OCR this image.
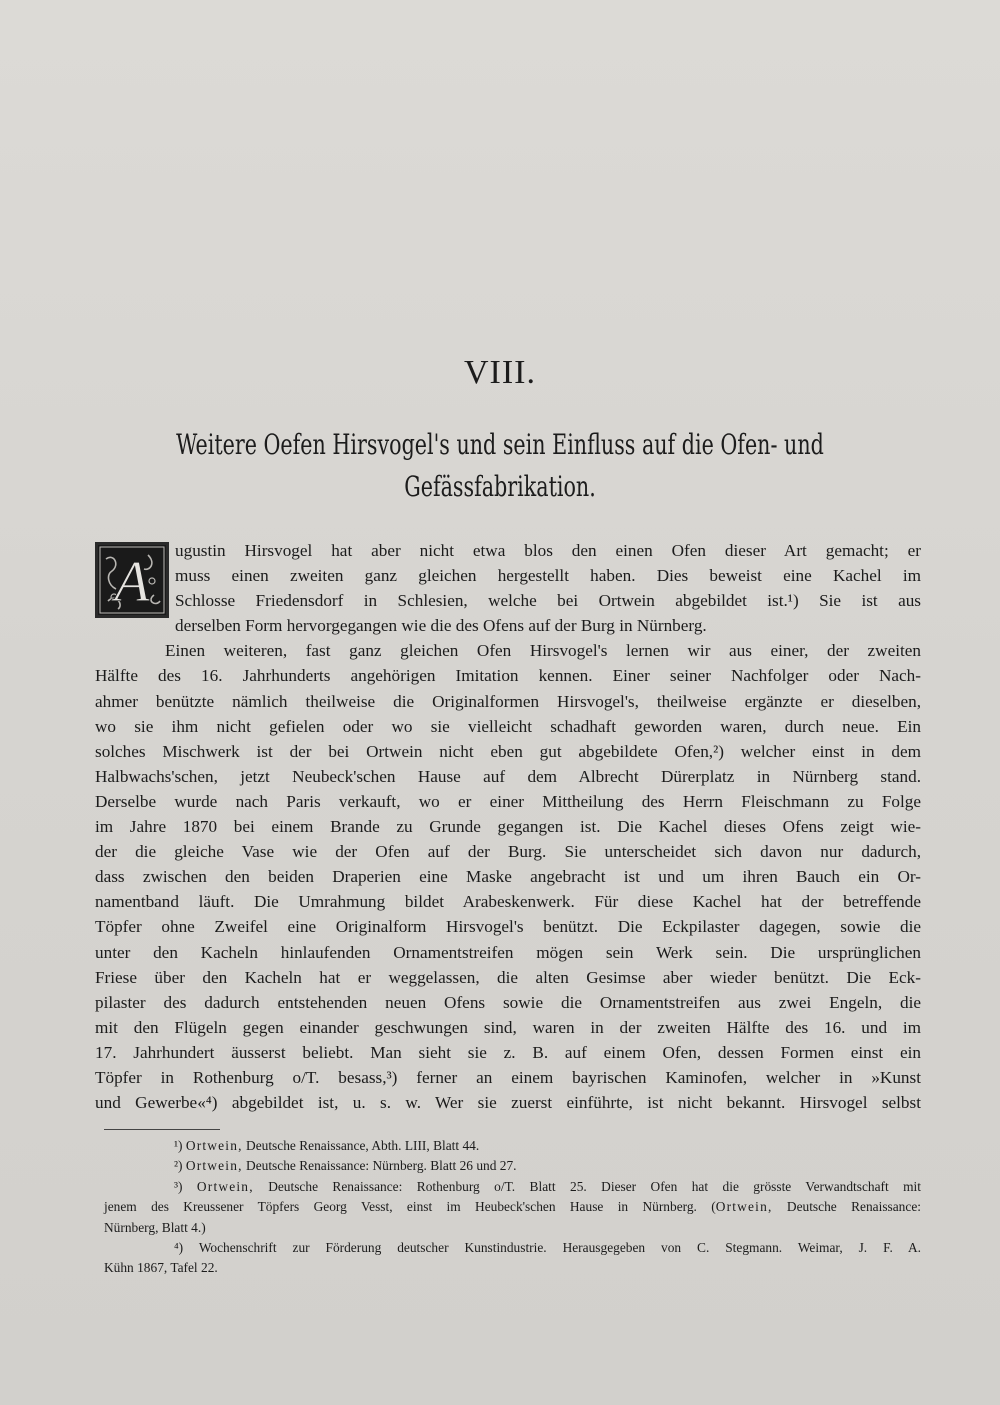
VIII.
Weitere Oefen Hirsvogel's und sein Einfluss auf die Ofen- und
Gefässfabrikation.
A	ugustin Hirsvogel hat aber nicht etwa blos den einen Ofen dieser Art gemacht; er
muss einen zweiten ganz gleichen hergestellt haben. Dies beweist eine Kachel im
Schlosse Friedensdorf in Schlesien, welche bei Ortwein abgebildet ist.¹) Sie ist aus
derselben Form hervorgegangen wie die des Ofens auf der Burg in Nürnberg.
Einen weiteren, fast ganz gleichen Ofen Hirsvogel's lernen wir aus einer, der zweiten
Hälfte des 16. Jahrhunderts angehörigen Imitation kennen. Einer seiner Nachfolger oder Nach-
ahmer benützte nämlich theilweise die Originalformen Hirsvogel's, theilweise ergänzte er dieselben,
wo sie ihm nicht gefielen oder wo sie vielleicht schadhaft geworden waren, durch neue. Ein
solches Mischwerk ist der bei Ortwein nicht eben gut abgebildete Ofen,²) welcher einst in dem
Halbwachs'schen, jetzt Neubeck'schen Hause auf dem Albrecht Dürerplatz in Nürnberg stand.
Derselbe wurde nach Paris verkauft, wo er einer Mittheilung des Herrn Fleischmann zu Folge
im Jahre 1870 bei einem Brande zu Grunde gegangen ist. Die Kachel dieses Ofens zeigt wie-
der die gleiche Vase wie der Ofen auf der Burg. Sie unterscheidet sich davon nur dadurch,
dass zwischen den beiden Draperien eine Maske angebracht ist und um ihren Bauch ein Or-
namentband läuft. Die Umrahmung bildet Arabeskenwerk. Für diese Kachel hat der betreffende
Töpfer ohne Zweifel eine Originalform Hirsvogel's benützt. Die Eckpilaster dagegen, sowie die
unter den Kacheln hinlaufenden Ornamentstreifen mögen sein Werk sein. Die ursprünglichen
Friese über den Kacheln hat er weggelassen, die alten Gesimse aber wieder benützt. Die Eck-
pilaster des dadurch entstehenden neuen Ofens sowie die Ornamentstreifen aus zwei Engeln, die
mit den Flügeln gegen einander geschwungen sind, waren in der zweiten Hälfte des 16. und im
17. Jahrhundert äusserst beliebt. Man sieht sie z. B. auf einem Ofen, dessen Formen einst ein
Töpfer in Rothenburg o/T. besass,³) ferner an einem bayrischen Kaminofen, welcher in »Kunst
und Gewerbe«⁴) abgebildet ist, u. s. w. Wer sie zuerst einführte, ist nicht bekannt. Hirsvogel selbst
¹) Ortwein, Deutsche Renaissance, Abth. LIII, Blatt 44.
²) Ortwein, Deutsche Renaissance: Nürnberg. Blatt 26 und 27.
³) Ortwein, Deutsche Renaissance: Rothenburg o/T. Blatt 25. Dieser Ofen hat die grösste Verwandtschaft mit
jenem des Kreussener Töpfers Georg Vesst, einst im Heubeck'schen Hause in Nürnberg. (Ortwein, Deutsche Renaissance:
Nürnberg, Blatt 4.)
⁴) Wochenschrift zur Förderung deutscher Kunstindustrie. Herausgegeben von C. Stegmann. Weimar, J. F. A.
Kühn 1867, Tafel 22.
